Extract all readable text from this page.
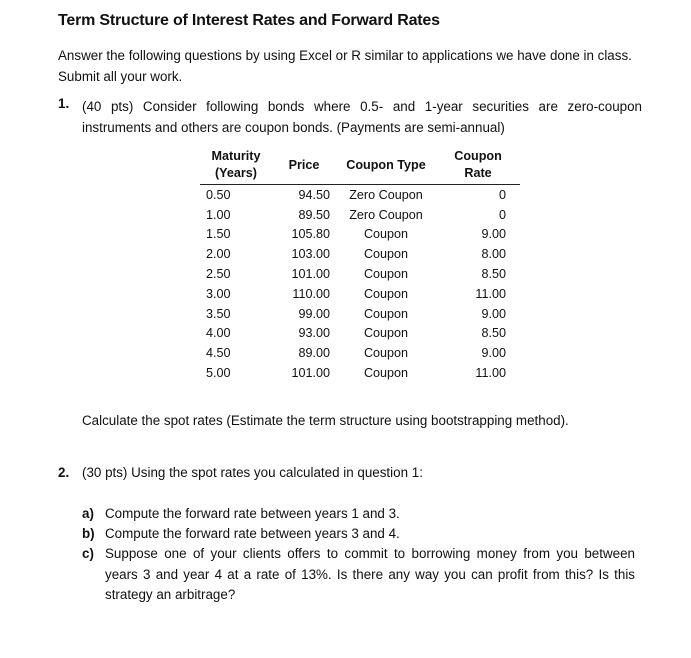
Term Structure of Interest Rates and Forward Rates
Answer the following questions by using Excel or R similar to applications we have done in class. Submit all your work.
1. (40 pts) Consider following bonds where 0.5- and 1-year securities are zero-coupon instruments and others are coupon bonds. (Payments are semi-annual)
Maturity (Years)	Price	Coupon Type	Coupon Rate
0.50	94.50	Zero Coupon	0
1.00	89.50	Zero Coupon	0
1.50	105.80	Coupon	9.00
2.00	103.00	Coupon	8.00
2.50	101.00	Coupon	8.50
3.00	110.00	Coupon	11.00
3.50	99.00	Coupon	9.00
4.00	93.00	Coupon	8.50
4.50	89.00	Coupon	9.00
5.00	101.00	Coupon	11.00
Calculate the spot rates (Estimate the term structure using bootstrapping method).
2. (30 pts) Using the spot rates you calculated in question 1:
a) Compute the forward rate between years 1 and 3.
b) Compute the forward rate between years 3 and 4.
c) Suppose one of your clients offers to commit to borrowing money from you between years 3 and year 4 at a rate of 13%. Is there any way you can profit from this? Is this strategy an arbitrage?
